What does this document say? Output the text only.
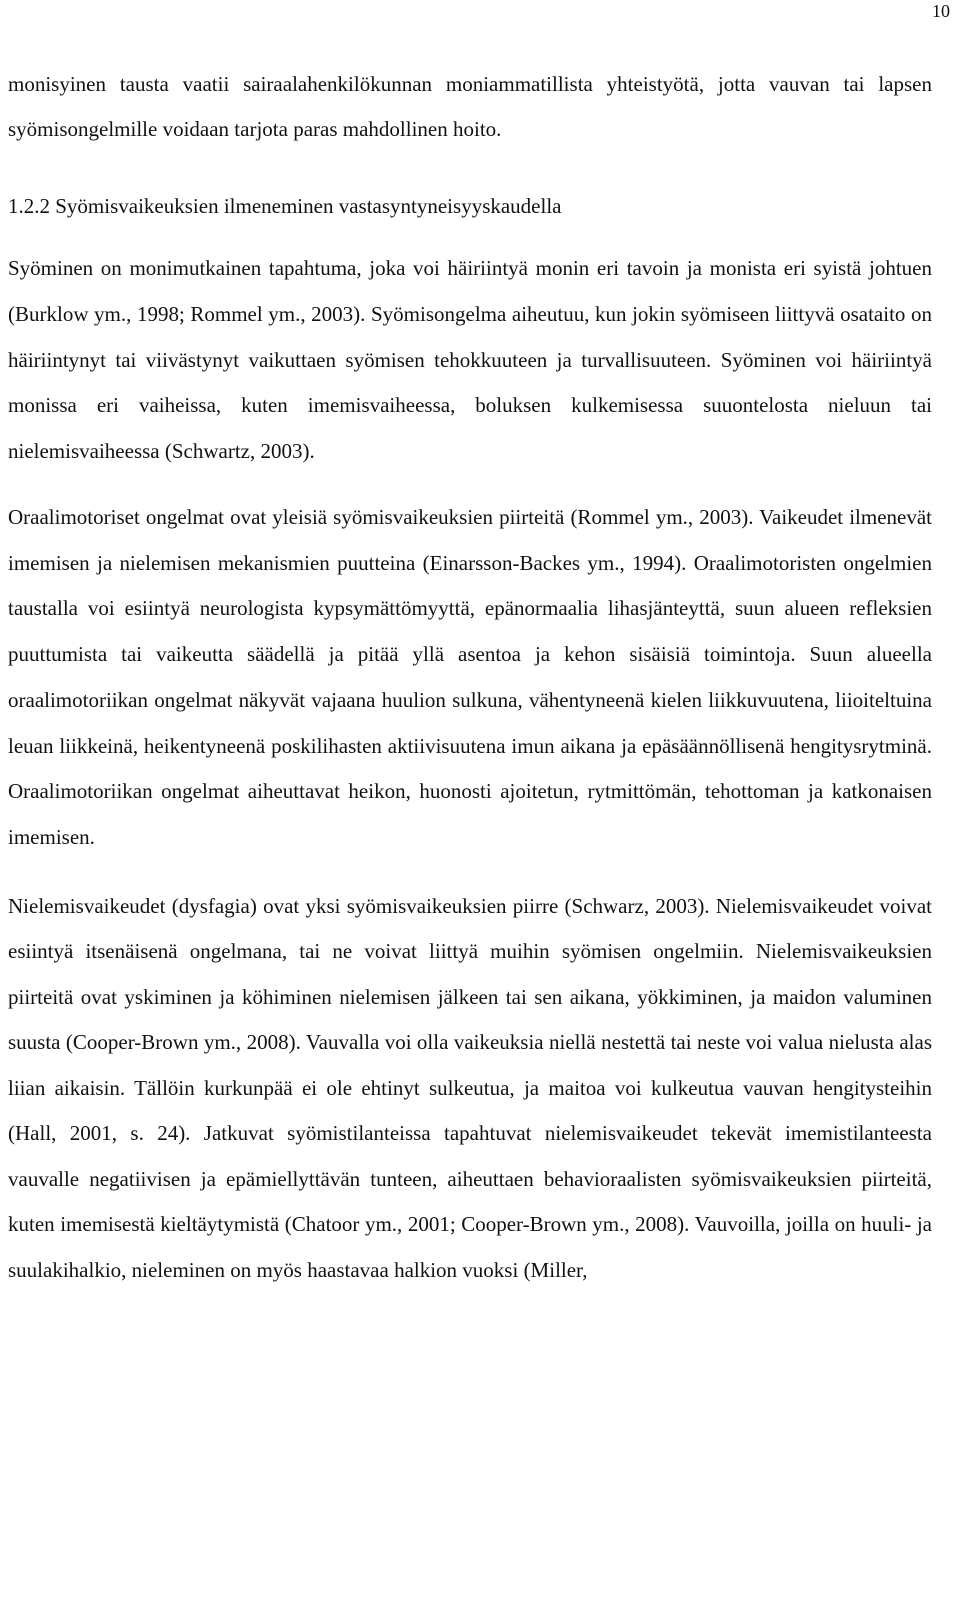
10

monisyinen tausta vaatii sairaalahenkilökunnan moniammatillista yhteistyötä, jotta vauvan tai lapsen syömisongelmille voidaan tarjota paras mahdollinen hoito.

1.2.2 Syömisvaikeuksien ilmeneminen vastasyntyneisyyskaudella

Syöminen on monimutkainen tapahtuma, joka voi häiriintyä monin eri tavoin ja monista eri syistä johtuen (Burklow ym., 1998; Rommel ym., 2003). Syömisongelma aiheutuu, kun jokin syömiseen liittyvä osataito on häiriintynyt tai viivästynyt vaikuttaen syömisen tehokkuuteen ja turvallisuuteen. Syöminen voi häiriintyä monissa eri vaiheissa, kuten imemisvaiheessa, boluksen kulkemisessa suuontelosta nieluun tai nielemisvaiheessa (Schwartz, 2003).

Oraalimotoriset ongelmat ovat yleisiä syömisvaikeuksien piirteitä (Rommel ym., 2003). Vaikeudet ilmenevät imemisen ja nielemisen mekanismien puutteina (Einarsson-Backes ym., 1994). Oraalimotoristen ongelmien taustalla voi esiintyä neurologista kypsymättömyyttä, epänormaalia lihasjänteyttä, suun alueen refleksien puuttumista tai vaikeutta säädellä ja pitää yllä asentoa ja kehon sisäisiä toimintoja. Suun alueella oraalimotoriikan ongelmat näkyvät vajaana huulion sulkuna, vähentyneenä kielen liikkuvuutena, liioiteltuina leuan liikkeinä, heikentyneenä poskilihasten aktiivisuutena imun aikana ja epäsäännöllisenä hengitysrytminä. Oraalimotoriikan ongelmat aiheuttavat heikon, huonosti ajoitetun, rytmittömän, tehottoman ja katkonaisen imemisen.

Nielemisvaikeudet (dysfagia) ovat yksi syömisvaikeuksien piirre (Schwarz, 2003). Nielemisvaikeudet voivat esiintyä itsenäisenä ongelmana, tai ne voivat liittyä muihin syömisen ongelmiin. Nielemisvaikeuksien piirteitä ovat yskiminen ja köhiminen nielemisen jälkeen tai sen aikana, yökkiminen, ja maidon valuminen suusta (Cooper-Brown ym., 2008). Vauvalla voi olla vaikeuksia niellä nestettä tai neste voi valua nielusta alas liian aikaisin. Tällöin kurkunpää ei ole ehtinyt sulkeutua, ja maitoa voi kulkeutua vauvan hengitysteihin (Hall, 2001, s. 24). Jatkuvat syömistilanteissa tapahtuvat nielemisvaikeudet tekevät imemistilanteesta vauvalle negatiivisen ja epämiellyttävän tunteen, aiheuttaen behavioraalisten syömisvaikeuksien piirteitä, kuten imemisestä kieltäytymistä (Chatoor ym., 2001; Cooper-Brown ym., 2008). Vauvoilla, joilla on huuli- ja suulakihalkio, nieleminen on myös haastavaa halkion vuoksi (Miller,
